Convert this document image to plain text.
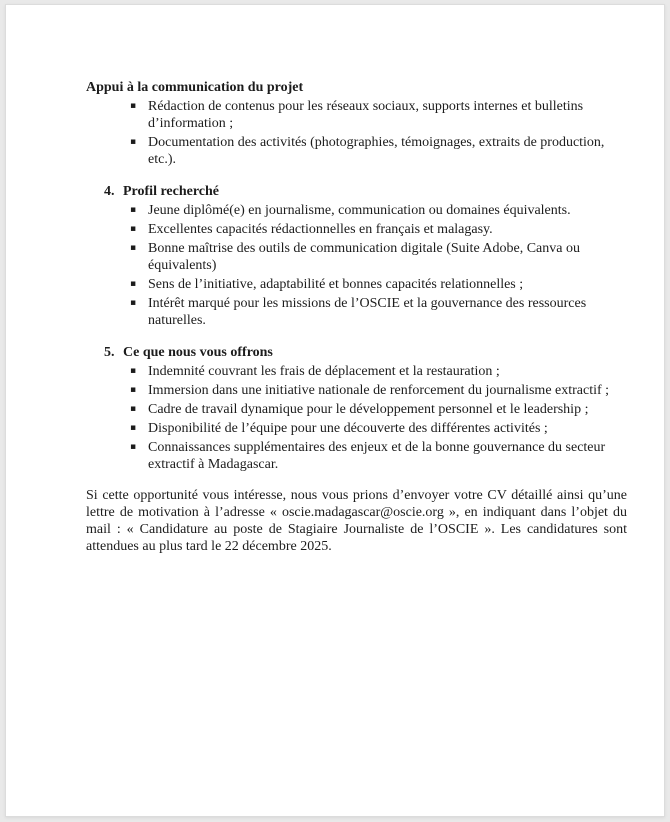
Appui à la communication du projet
▪ Rédaction de contenus pour les réseaux sociaux, supports internes et bulletins d’information ;
▪ Documentation des activités (photographies, témoignages, extraits de production, etc.).
4. Profil recherché
▪ Jeune diplômé(e) en journalisme, communication ou domaines équivalents.
▪ Excellentes capacités rédactionnelles en français et malagasy.
▪ Bonne maîtrise des outils de communication digitale (Suite Adobe, Canva ou équivalents)
▪ Sens de l’initiative, adaptabilité et bonnes capacités relationnelles ;
▪ Intérêt marqué pour les missions de l’OSCIE et la gouvernance des ressources naturelles.
5. Ce que nous vous offrons
▪ Indemnité couvrant les frais de déplacement et la restauration ;
▪ Immersion dans une initiative nationale de renforcement du journalisme extractif ;
▪ Cadre de travail dynamique pour le développement personnel et le leadership ;
▪ Disponibilité de l’équipe pour une découverte des différentes activités ;
▪ Connaissances supplémentaires des enjeux et de la bonne gouvernance du secteur extractif à Madagascar.

Si cette opportunité vous intéresse, nous vous prions d’envoyer votre CV détaillé ainsi qu’une lettre de motivation à l’adresse « oscie.madagascar@oscie.org », en indiquant dans l’objet du mail : « Candidature au poste de Stagiaire Journaliste de l’OSCIE ». Les candidatures sont attendues au plus tard le 22 décembre 2025.
